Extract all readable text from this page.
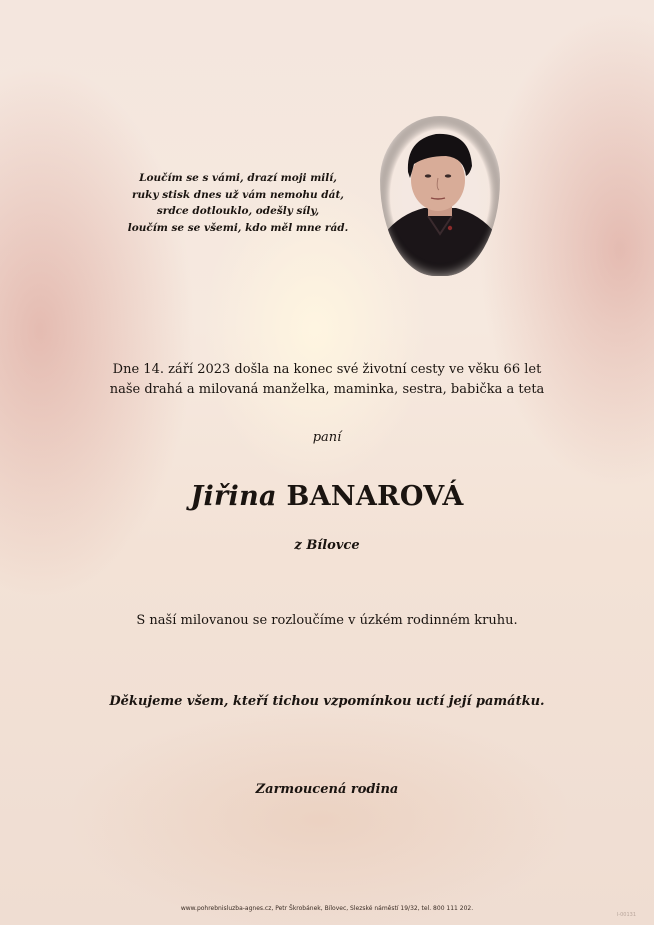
Loučím se s vámi, drazí moji milí,
ruky stisk dnes už vám nemohu dát,
srdce dotlouklo, odešly síly,
loučím se se všemi, kdo měl mne rád.
Dne 14. září 2023 došla na konec své životní cesty ve věku 66 let
naše drahá a milovaná manželka, maminka, sestra, babička a teta
paní
Jiřina BANAROVÁ
z Bílovce
S naší milovanou se rozloučíme v úzkém rodinném kruhu.
Děkujeme všem, kteří tichou vzpomínkou uctí její památku.
Zarmoucená rodina
www.pohrebnisluzba-agnes.cz, Petr Škrobánek, Bílovec, Slezské náměstí 19/32, tel. 800 111 202.
I-00131
